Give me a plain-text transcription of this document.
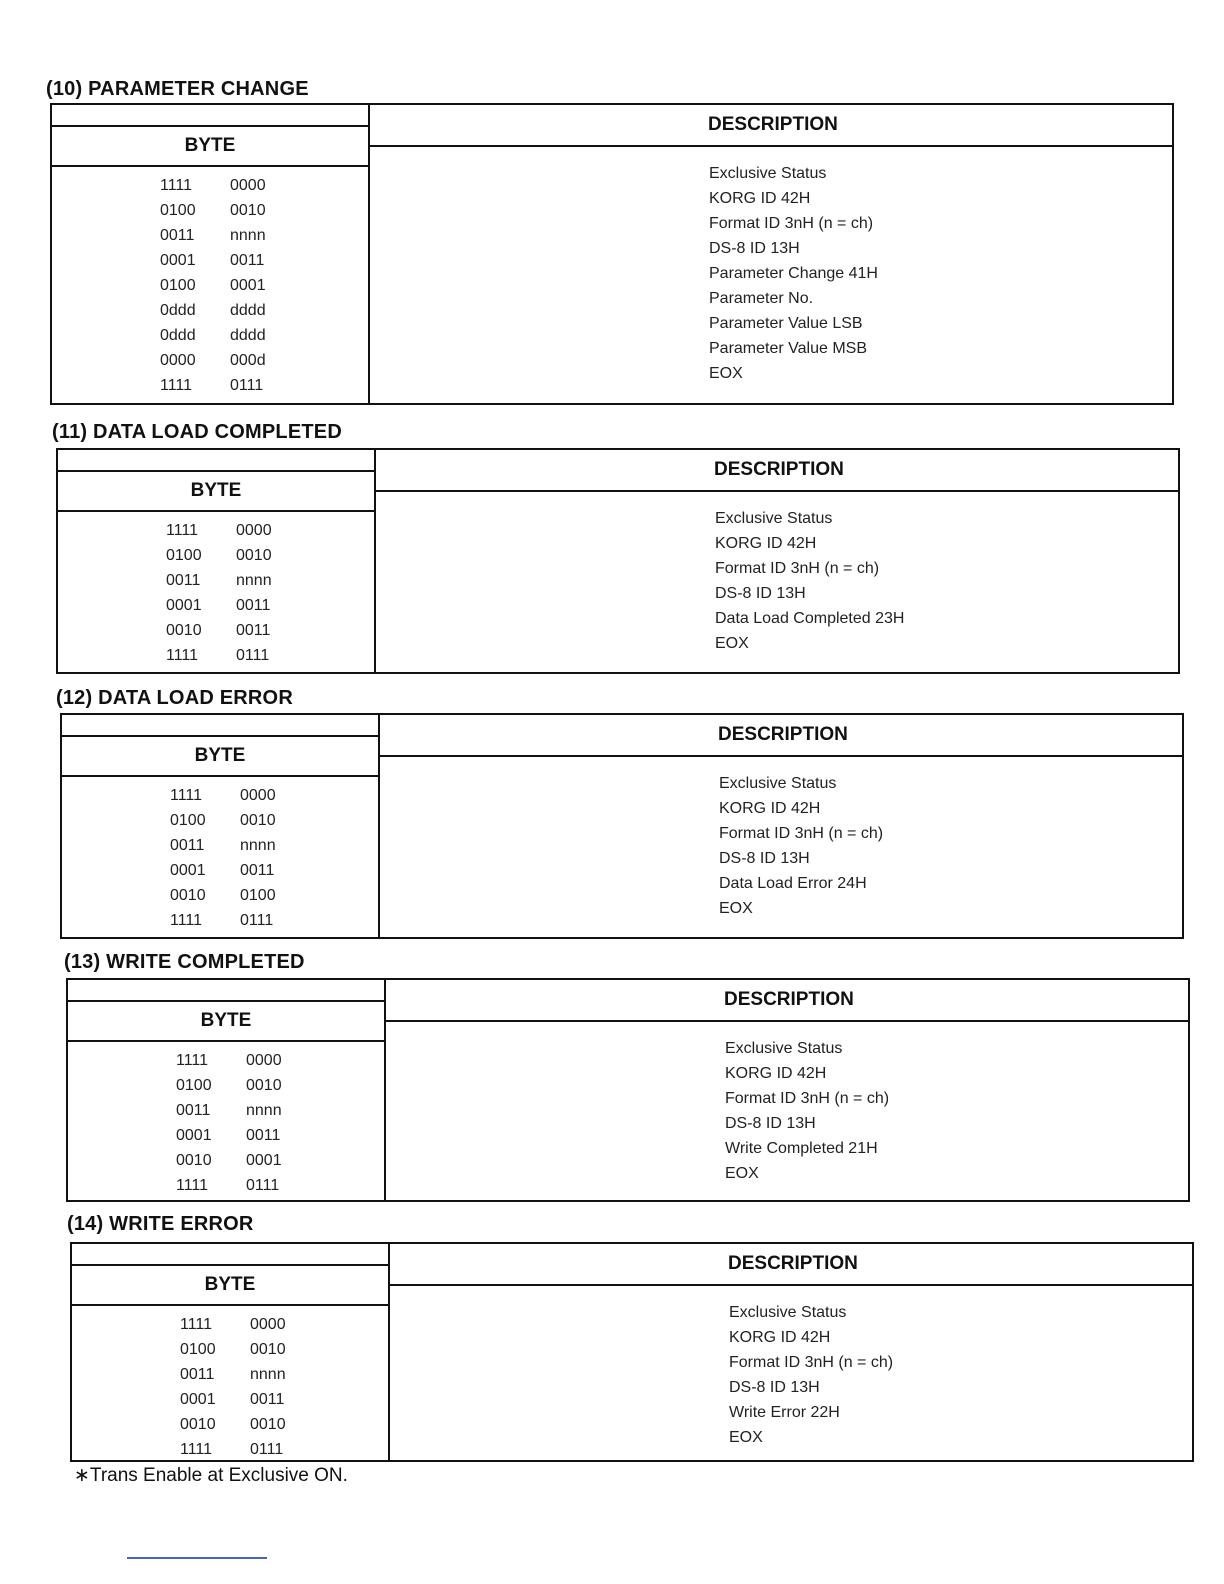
(10) PARAMETER CHANGE
BYTE
DESCRIPTION
1111 0000
0100 0010
0011 nnnn
0001 0011
0100 0001
0ddd dddd
0ddd dddd
0000 000d
1111 0111
Exclusive Status
KORG ID 42H
Format ID 3nH (n = ch)
DS-8 ID 13H
Parameter Change 41H
Parameter No.
Parameter Value LSB
Parameter Value MSB
EOX
(11) DATA LOAD COMPLETED
BYTE
DESCRIPTION
1111 0000
0100 0010
0011 nnnn
0001 0011
0010 0011
1111 0111
Exclusive Status
KORG ID 42H
Format ID 3nH (n = ch)
DS-8 ID 13H
Data Load Completed 23H
EOX
(12) DATA LOAD ERROR
BYTE
DESCRIPTION
1111 0000
0100 0010
0011 nnnn
0001 0011
0010 0100
1111 0111
Exclusive Status
KORG ID 42H
Format ID 3nH (n = ch)
DS-8 ID 13H
Data Load Error 24H
EOX
(13) WRITE COMPLETED
BYTE
DESCRIPTION
1111 0000
0100 0010
0011 nnnn
0001 0011
0010 0001
1111 0111
Exclusive Status
KORG ID 42H
Format ID 3nH (n = ch)
DS-8 ID 13H
Write Completed 21H
EOX
(14) WRITE ERROR
BYTE
DESCRIPTION
1111 0000
0100 0010
0011 nnnn
0001 0011
0010 0010
1111 0111
Exclusive Status
KORG ID 42H
Format ID 3nH (n = ch)
DS-8 ID 13H
Write Error 22H
EOX

∗Trans Enable at Exclusive ON.
